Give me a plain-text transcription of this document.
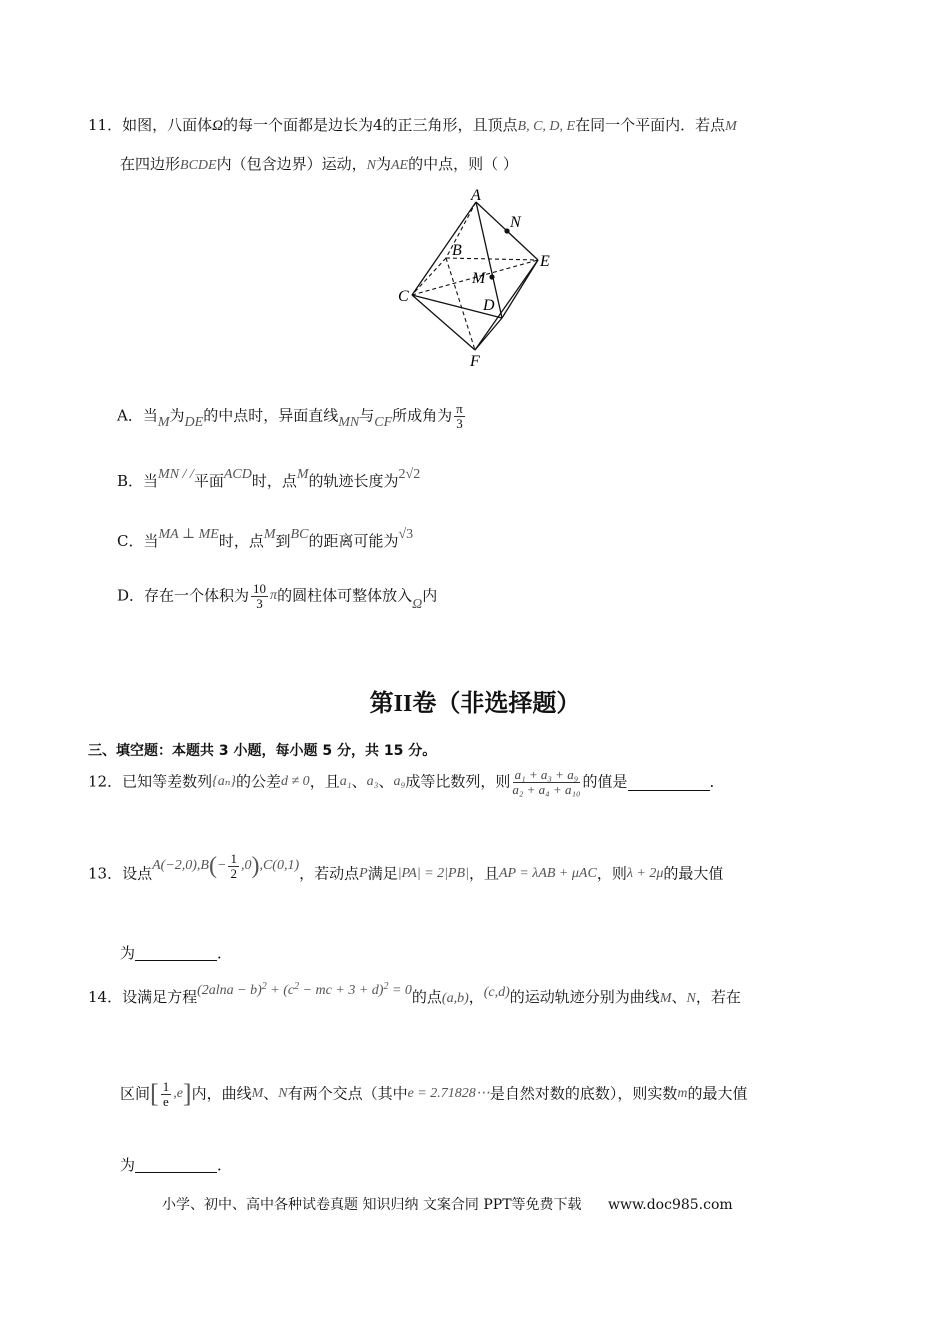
11．如图，八面体Ω的每一个面都是边长为4的正三角形，且顶点B, C, D, E在同一个平面内．若点M
在四边形BCDE内（包含边界）运动，N为AE的中点，则（ ）
A
N
B
E
M
D
C
F
A．当M为DE的中点时，异面直线MN与CF所成角为 $\frac{\pi}{3}$
B．当MN / /平面ACD时，点M的轨迹长度为2√2
C．当MA ⊥ ME时，点M到BC的距离可能为√3
D．存在一个体积为 $\frac{10}{3}$ π的圆柱体可整体放入Ω内
第II卷（非选择题）
三、填空题：本题共 3 小题，每小题 5 分，共 15 分。
12．已知等差数列{aₙ}的公差d ≠ 0，且a₁、a₃、a₉成等比数列，则 $\frac{\text{a₁ + a₃ + a₉}}{\text{a₂ + a₄ + a₁₀}}$ 的值是	．
13．设点$A(-2,0),B(- \frac{1}{2} ,0),C(0,1)$，若动点P满足|PA| = 2|PB|，且AP = λAB + μAC，则λ + 2μ的最大值
为	．
14．设满足方程$(2alna - b)^2 + (c^2$ − mc + 3 + d)$^2$ = 0的点(a,b)，(c,d)的运动轨迹分别为曲线M、N，若在
区间[ $\frac{1}{e} ,e$]内，曲线M、N有两个交点（其中e = 2.71828⋯是自然对数的底数），则实数m的最大值
为	．
小学、初中、高中各种试卷真题 知识归纳 文案合同 PPT等免费下载 www.doc985.com
